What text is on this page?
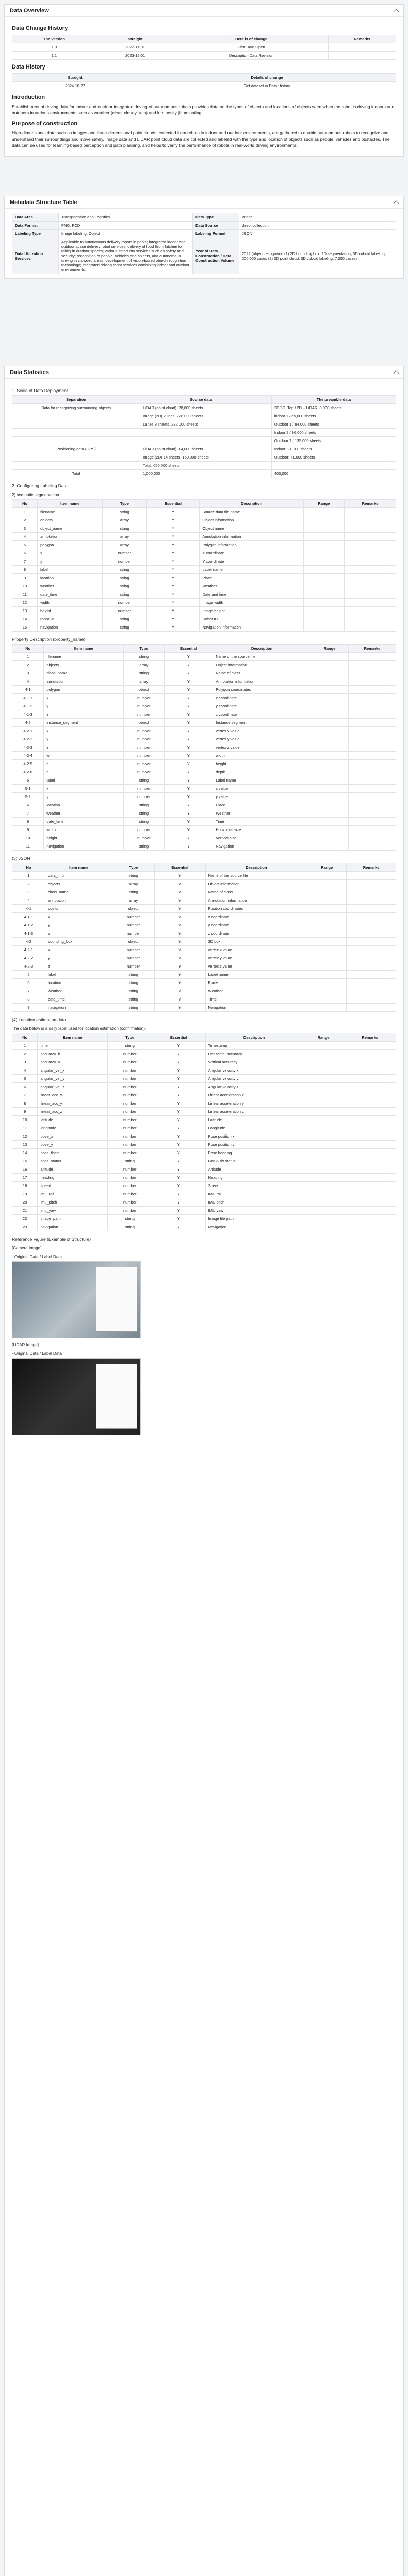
Data Overview
Data Change History
The version	Straight	Details of change	Remarks
1.0	2023-11-01	First Data Open	
1.1	2023-12-01	Description Data Revision	
Data History
Straight	Details of change
2024-10-27	Get dataset in Data History
Introduction

Establishment of driving data for indoor and outdoor integrated driving of autonomous robots provides data on the types of objects and locations of objects seen when the robot is driving indoors and outdoors in various environments such as weather (clear, cloudy, rain) and luminosity (illuminating

Purpose of construction

High-dimensional data such as images and three-dimensional point clouds, collected from robots in indoor and outdoor environments, are gathered to enable autonomous robots to recognize and understand their surroundings and move safely. Image data and LiDAR point cloud data are collected and labeled with the type and location of objects such as people, vehicles and obstacles. The data can be used for learning-based perception and path planning, and helps to verify the performance of robots in real-world driving environments.

Metadata Structure Table
Data Area	Transportation and Logistics	Data Type	Image
Data Format	PNG, PCD	Data Source	direct collection
Labeling Type	Image labeling, Object	Labeling Format	JSON
Data Utilization Services	Applicable to autonomous delivery robots in parks; integrated indoor and outdoor space delivery robot services; delivery of food (from kitchen to table) in outdoor spaces; various smart city services such as safety and security; recognition of people, vehicles and objects, and autonomous driving in crowded areas; development of vision-based object recognition technology; integrated driving robot services combining indoor and outdoor environments.	Year of Data Construction / Data Construction Volume	2022 (object recognition (1) 2D bounding box, 2D segmentation, 3D cuboid labeling, 200,000 cases (2) 3D point cloud, 3D cuboid labeling, 7,000 cases)
Data Statistics
1. Scale of Data Deployment
Separation	Source data		The preamble data
Data for recognizing surrounding objects	LiDAR (point cloud), 28,600 sheets		2D/3D, Top / 2D + LiDAR, 8,000 sheets
	Image (2D) 2 lines, 228,000 sheets		indoor 1 / 65,000 sheets
	Lanes 9 sheets, 282,000 sheets		Outdoor 1 / 84,000 sheets
			Indoor 2 / 96,000 sheets
			Outdoor 2 / 135,000 sheets
Positioning data (GPS)	LiDAR (point cloud), 14,000 sheets		Indoor: 21,000 sheets
	Image (2D) 14 sheets, 150,000 sheets		Outdoor: 71,000 sheets
	Total: 650,000 sheets		
Total	1,000,000		400,000
2. Configuring Labeling Data
2) semantic segmentation
No	Item name	Type	Essential	Description	Range	Remarks
1	filename	string	Y	Source data file name		
2	objects	array	Y	Object information		
3	object_name	string	Y	Object name		
4	annotation	array	Y	Annotation information		
5	polygon	array	Y	Polygon information		
6	x	number	Y	X coordinate		
7	y	number	Y	Y coordinate		
8	label	string	Y	Label name		
9	location	string	Y	Place		
10	weather	string	Y	Weather		
11	date_time	string	Y	Date and time		
12	width	number	Y	Image width		
13	height	number	Y	Image height		
14	robot_id	string	Y	Robot ID		
15	navigation	string	Y	Navigation information		
Property Description (property_name)
No	Item name	Type	Essential	Description	Range	Remarks
1	filename	string	Y	Name of the source file		
2	objects	array	Y	Object information		
3	class_name	string	Y	Name of class		
4	annotation	array	Y	Annotation information		
4-1	polygon	object	Y	Polygon coordinates		
4-1-1	x	number	Y	x coordinate		
4-1-2	y	number	Y	y coordinate		
4-1-3	z	number	Y	z coordinate		
4-2	instance_segment	object	Y	Instance segment		
4-2-1	x	number	Y	vertex x value		
4-2-2	y	number	Y	vertex y value		
4-2-3	z	number	Y	vertex z value		
4-2-4	w	number	Y	width		
4-2-5	h	number	Y	height		
4-2-6	d	number	Y	depth		
5	label	string	Y	Label name		
5-1	x	number	Y	x value		
5-2	y	number	Y	y value		
6	location	string	Y	Place		
7	weather	string	Y	Weather		
8	date_time	string	Y	Time		
9	width	number	Y	Horizontal size		
10	height	number	Y	Vertical size		
11	navigation	string	Y	Navigation		
(3) JSON
No	Item name	Type	Essential	Description	Range	Remarks
1	data_info	string	Y	Name of the source file		
2	objects	array	Y	Object information		
3	class_name	string	Y	Name of class		
4	annotation	array	Y	Annotation information		
4-1	points	object	Y	Position coordinates		
4-1-1	x	number	Y	x coordinate		
4-1-2	y	number	Y	y coordinate		
4-1-3	z	number	Y	z coordinate		
4-2	bounding_box	object	Y	3D box		
4-2-1	x	number	Y	vertex x value		
4-2-2	y	number	Y	vertex y value		
4-2-3	z	number	Y	vertex z value		
5	label	string	Y	Label name		
6	location	string	Y	Place		
7	weather	string	Y	Weather		
8	date_time	string	Y	Time		
9	navigation	string	Y	Navigation		
(4) Location estimation data
The data below is a daily label used for location estimation (confirmation).
No	Item name	Type	Essential	Description	Range	Remarks
1	time	string	Y	Timestamp		
2	accuracy_h	number	Y	Horizontal accuracy		
3	accuracy_v	number	Y	Vertical accuracy		
4	angular_vel_x	number	Y	Angular velocity x		
5	angular_vel_y	number	Y	Angular velocity y		
6	angular_vel_z	number	Y	Angular velocity z		
7	linear_acc_x	number	Y	Linear acceleration x		
8	linear_acc_y	number	Y	Linear acceleration y		
9	linear_acc_z	number	Y	Linear acceleration z		
10	latitude	number	Y	Latitude		
11	longitude	number	Y	Longitude		
12	pose_x	number	Y	Pose position x		
13	pose_y	number	Y	Pose position y		
14	pose_theta	number	Y	Pose heading		
15	gnss_status	string	Y	GNSS fix status		
16	altitude	number	Y	Altitude		
17	heading	number	Y	Heading		
18	speed	number	Y	Speed		
19	imu_roll	number	Y	IMU roll		
20	imu_pitch	number	Y	IMU pitch		
21	imu_yaw	number	Y	IMU yaw		
22	image_path	string	Y	Image file path		
23	navigation	string	Y	Navigation		
Reference Figure (Example of Structure)
[Camera Image]
- Original Data / Label Data
[LiDAR Image]
- Original Data / Label Data
